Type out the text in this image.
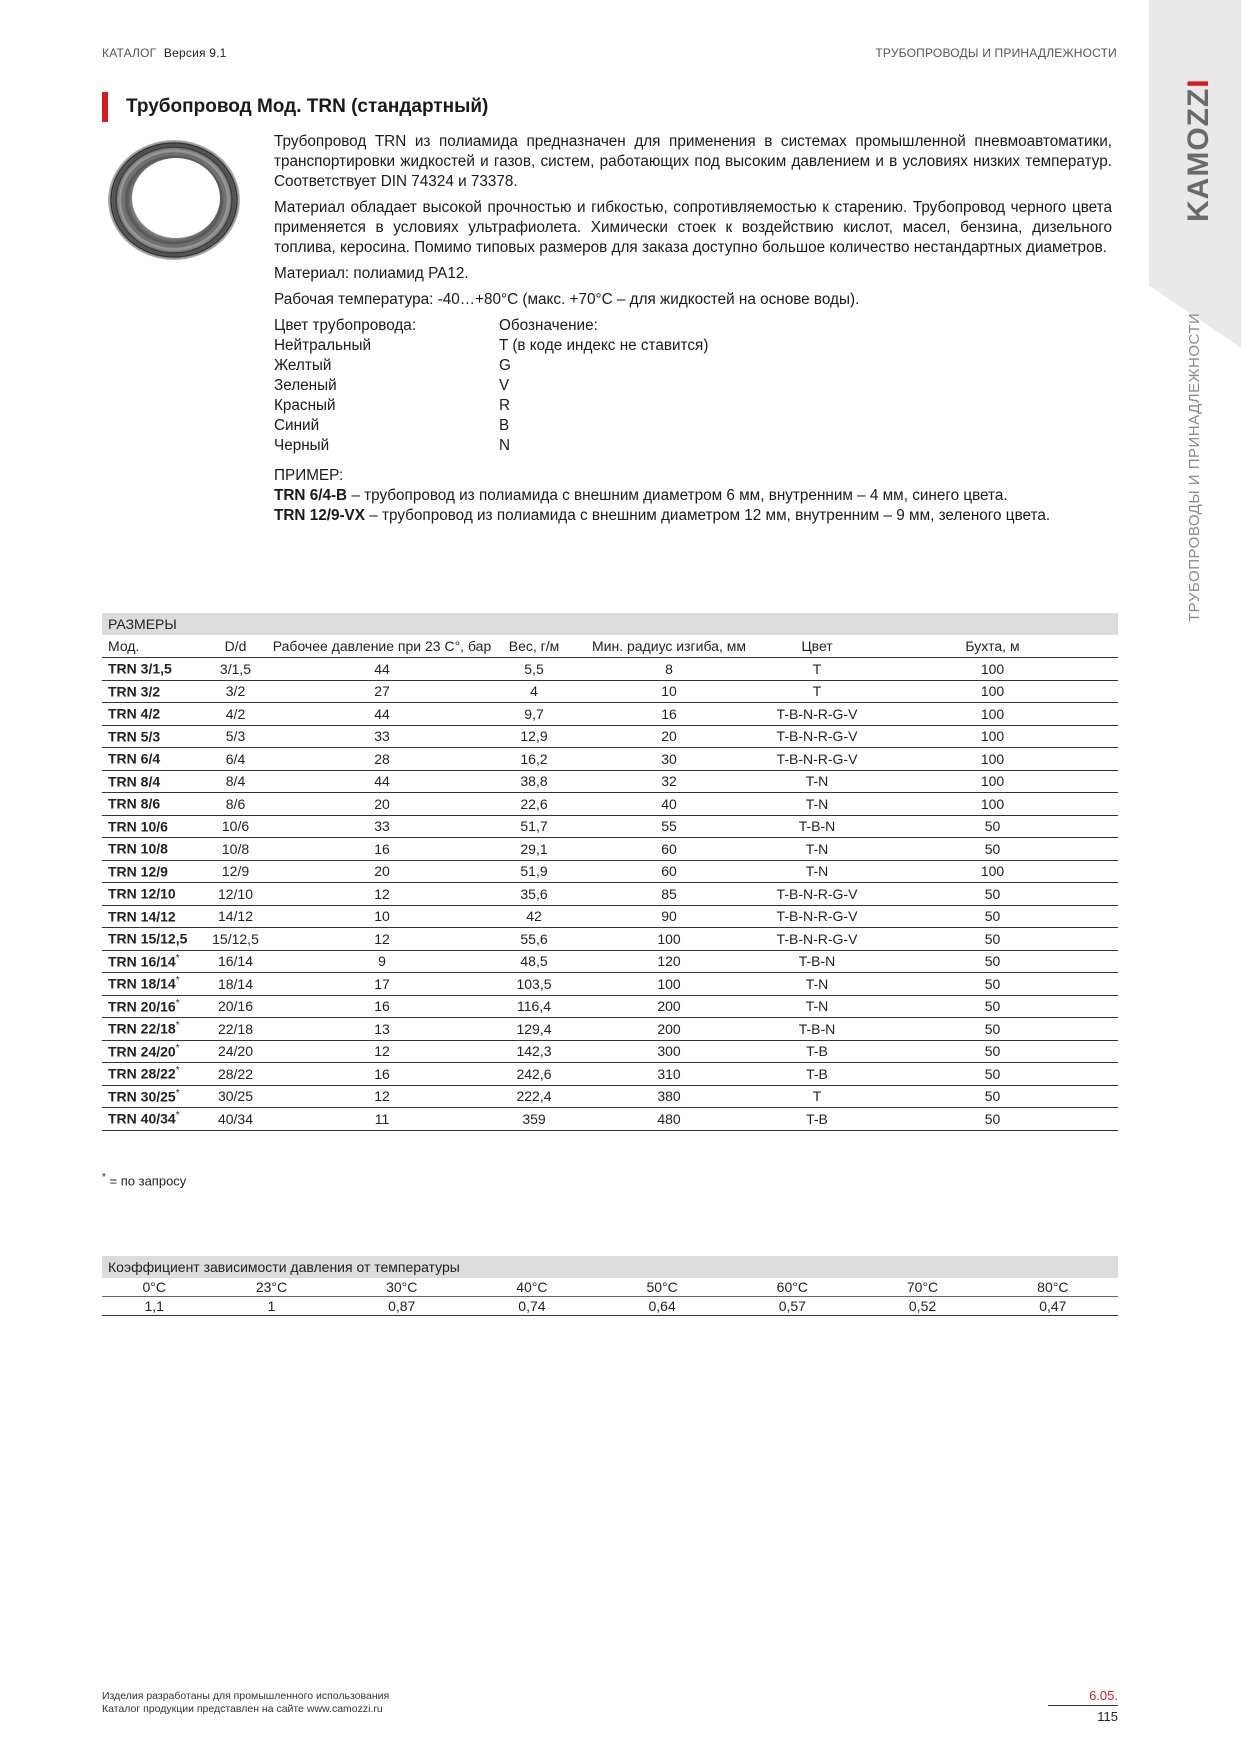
КАТАЛОГ Версия 9.1	ТРУБОПРОВОДЫ И ПРИНАДЛЕЖНОСТИ
KAMOZZI
ТРУБОПРОВОДЫ И ПРИНАДЛЕЖНОСТИ
Трубопровод Мод. TRN (стандартный)

Трубопровод TRN из полиамида предназначен для применения в системах промышленной пневмоавтоматики, транспортировки жидкостей и газов, систем, работающих под высоким давлением и в условиях низких температур. Соответствует DIN 74324 и 73378.

Материал обладает высокой прочностью и гибкостью, сопротивляемостью к старению. Трубопровод черного цвета применяется в условиях ультрафиолета. Химически стоек к воздействию кислот, масел, бензина, дизельного топлива, керосина. Помимо типовых размеров для заказа доступно большое количество нестандартных диаметров.

Материал: полиамид PA12.

Рабочая температура: -40…+80°C (макс. +70°C – для жидкостей на основе воды).

Цвет трубопровода:	Обозначение:
Нейтральный	T (в коде индекс не ставится)
Желтый	G
Зеленый	V
Красный	R
Синий	B
Черный	N
ПРИМЕР:
TRN 6/4-B – трубопровод из полиамида с внешним диаметром 6 мм, внутренним – 4 мм, синего цвета.
TRN 12/9-VX – трубопровод из полиамида с внешним диаметром 12 мм, внутренним – 9 мм, зеленого цвета.
РАЗМЕРЫ						
Мод.	D/d	Рабочее давление при 23 C°, бар	Вес, г/м	Мин. радиус изгиба, мм	Цвет	Бухта, м
TRN 3/1,5	3/1,5	44	5,5	8	T	100
TRN 3/2	3/2	27	4	10	T	100
TRN 4/2	4/2	44	9,7	16	T-B-N-R-G-V	100
TRN 5/3	5/3	33	12,9	20	T-B-N-R-G-V	100
TRN 6/4	6/4	28	16,2	30	T-B-N-R-G-V	100
TRN 8/4	8/4	44	38,8	32	T-N	100
TRN 8/6	8/6	20	22,6	40	T-N	100
TRN 10/6	10/6	33	51,7	55	T-B-N	50
TRN 10/8	10/8	16	29,1	60	T-N	50
TRN 12/9	12/9	20	51,9	60	T-N	100
TRN 12/10	12/10	12	35,6	85	T-B-N-R-G-V	50
TRN 14/12	14/12	10	42	90	T-B-N-R-G-V	50
TRN 15/12,5	15/12,5	12	55,6	100	T-B-N-R-G-V	50
TRN 16/14*	16/14	9	48,5	120	T-B-N	50
TRN 18/14*	18/14	17	103,5	100	T-N	50
TRN 20/16*	20/16	16	116,4	200	T-N	50
TRN 22/18*	22/18	13	129,4	200	T-B-N	50
TRN 24/20*	24/20	12	142,3	300	T-B	50
TRN 28/22*	28/22	16	242,6	310	T-B	50
TRN 30/25*	30/25	12	222,4	380	T	50
TRN 40/34*	40/34	11	359	480	T-B	50
* = по запросу
Коэффициент зависимости давления от температуры							
0°C	23°C	30°C	40°C	50°C	60°C	70°C	80°C
1,1	1	0,87	0,74	0,64	0,57	0,52	0,47
Изделия разработаны для промышленного использования
Каталог продукции представлен на сайте www.camozzi.ru
6.05.
115
